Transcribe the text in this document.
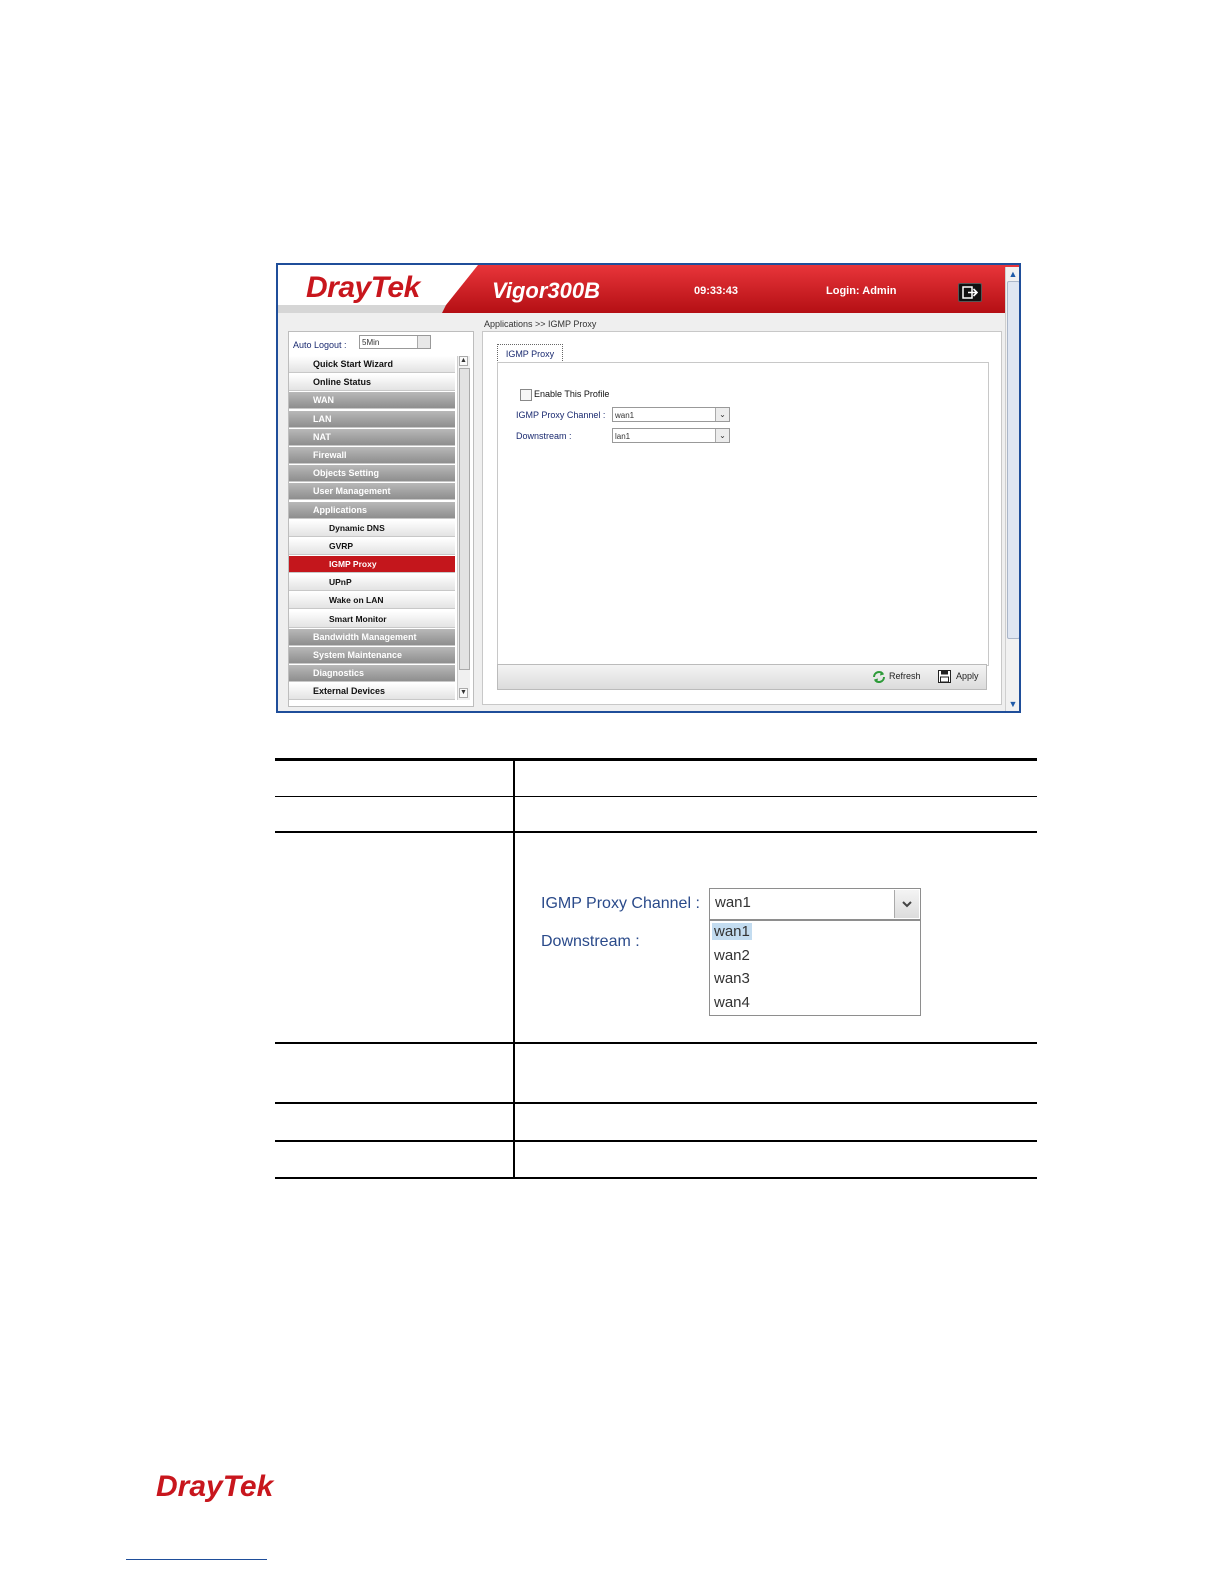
DrayTek	Vigor300B	09:33:43	Login: Admin
▲
▼
Auto Logout :	5Min
Quick Start Wizard
Online Status
WAN
LAN
NAT
Firewall
Objects Setting
User Management
Applications
Dynamic DNS
GVRP
IGMP Proxy
UPnP
Wake on LAN
Smart Monitor
Bandwidth Management
System Maintenance
Diagnostics
External Devices
▲
▼
Applications >> IGMP Proxy
IGMP Proxy
Enable This Profile
IGMP Proxy Channel :	wan1	⌄
Downstream :	lan1	⌄
Refresh	Apply
IGMP Proxy Channel :
Downstream :
wan1
wan1
wan2
wan3
wan4
DrayTek
